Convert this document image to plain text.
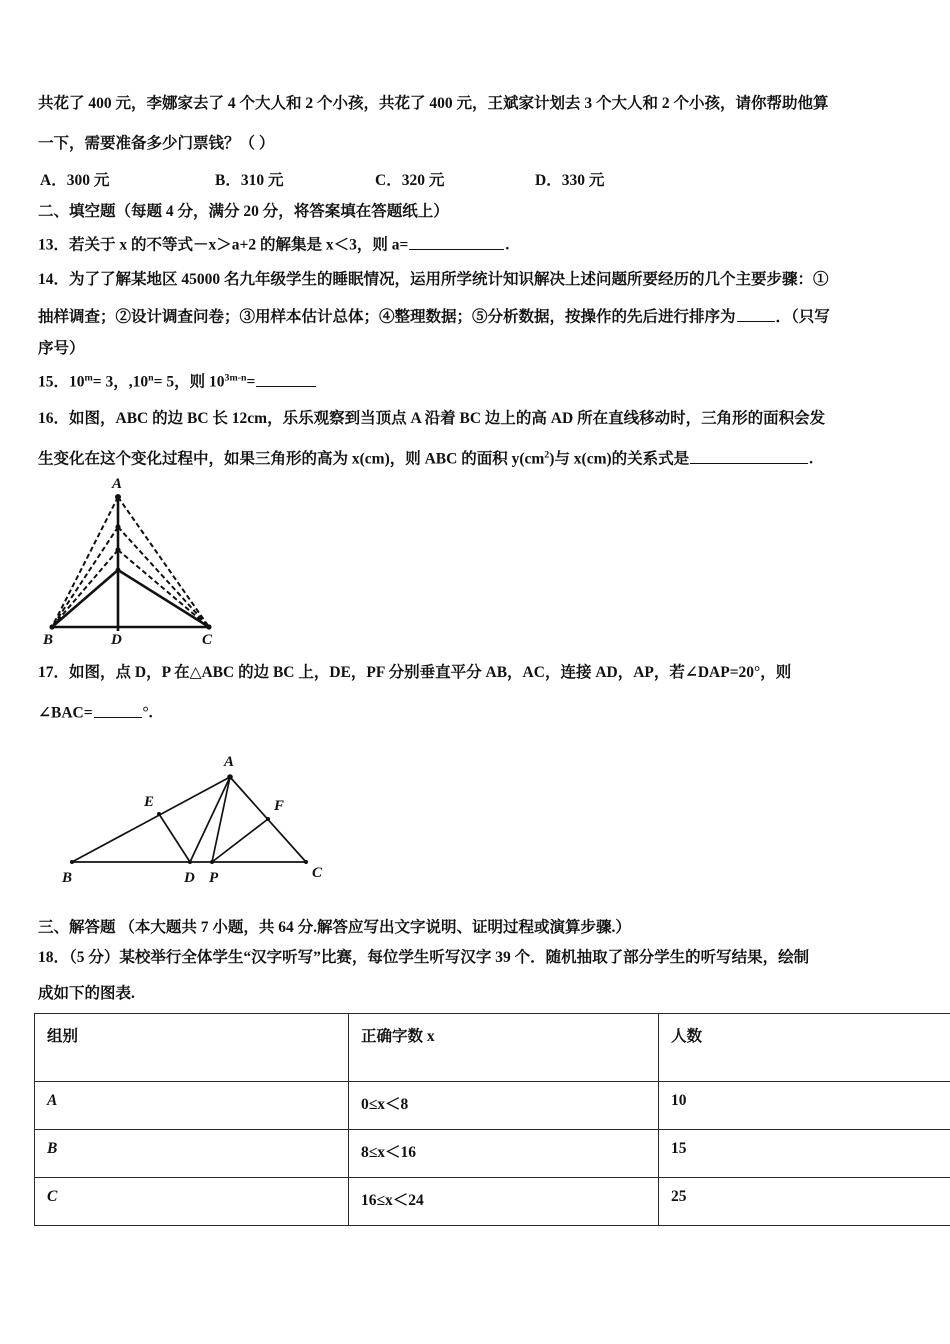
共花了 400 元，李娜家去了 4 个大人和 2 个小孩，共花了 400 元，王斌家计划去 3 个大人和 2 个小孩，请你帮助他算
一下，需要准备多少门票钱？（ ）
A．300 元	B．310 元	C．320 元	D．330 元
二、填空题（每题 4 分，满分 20 分，将答案填在答题纸上）
13．若关于 x 的不等式－x＞a+2 的解集是 x＜3，则 a=	.
14．为了了解某地区 45000 名九年级学生的睡眠情况，运用所学统计知识解决上述问题所要经历的几个主要步骤：①
抽样调查；②设计调查问卷；③用样本估计总体；④整理数据；⑤分析数据，按操作的先后进行排序为	．（只写
序号）
15．$10^m= 3$，$,10^n= 5$，则 $10^{3m-n}=$
16．如图，ABC 的边 BC 长 12cm，乐乐观察到当顶点 A 沿着 BC 边上的高 AD 所在直线移动时，三角形的面积会发
生变化在这个变化过程中，如果三角形的高为 x(cm)，则 ABC 的面积 $y(cm^2)$与 x(cm)的关系式是	.
A
B	D	C
17．如图，点 D，P 在△ABC 的边 BC 上，DE，PF 分别垂直平分 AB，AC，连接 AD，AP，若∠DAP=20°，则
∠BAC=	°.
A
B	C
D P
E	F
三、解答题 （本大题共 7 小题，共 64 分.解答应写出文字说明、证明过程或演算步骤.）
18．（5 分）某校举行全体学生“汉字听写”比赛，每位学生听写汉字 39 个．随机抽取了部分学生的听写结果，绘制
成如下的图表.
组别	正确字数 x	人数
A	0≤x＜8	10
B	8≤x＜16	15
C	16≤x＜24	25
